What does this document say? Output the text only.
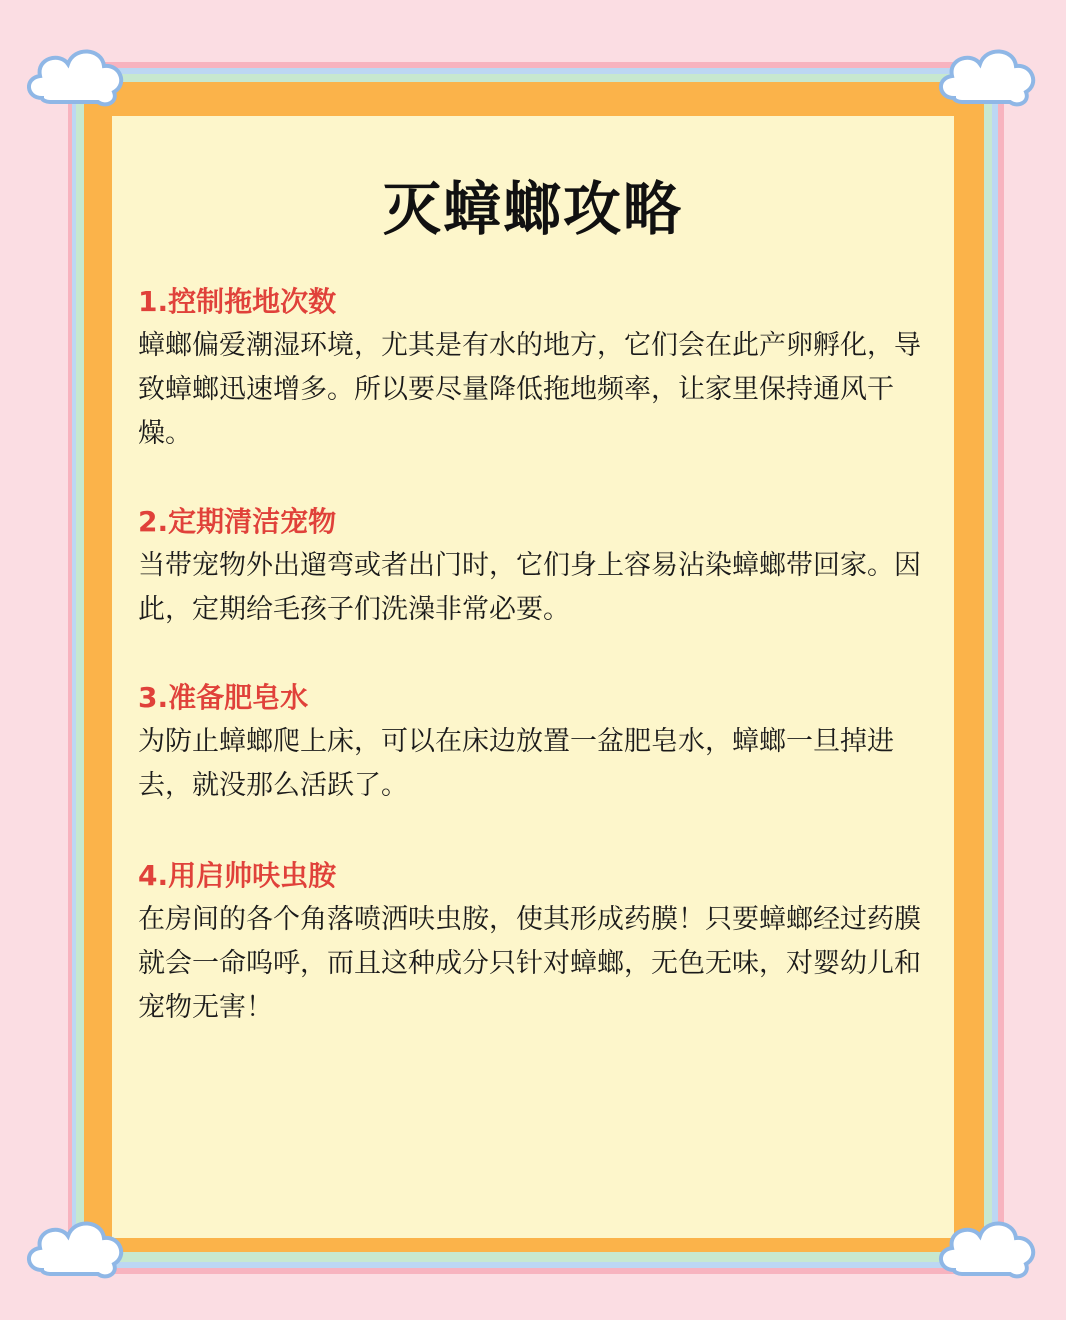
灭蟑螂攻略

1.控制拖地次数

蟑螂偏爱潮湿环境，尤其是有水的地方，它们会在此产卵孵化，导致蟑螂迅速增多。所以要尽量降低拖地频率，让家里保持通风干燥。

2.定期清洁宠物

当带宠物外出遛弯或者出门时，它们身上容易沾染蟑螂带回家。因此，定期给毛孩子们洗澡非常必要。

3.准备肥皂水

为防止蟑螂爬上床，可以在床边放置一盆肥皂水，蟑螂一旦掉进去，就没那么活跃了。

4.用启帅呋虫胺

在房间的各个角落喷洒呋虫胺，使其形成药膜！只要蟑螂经过药膜就会一命呜呼，而且这种成分只针对蟑螂，无色无味，对婴幼儿和宠物无害！
